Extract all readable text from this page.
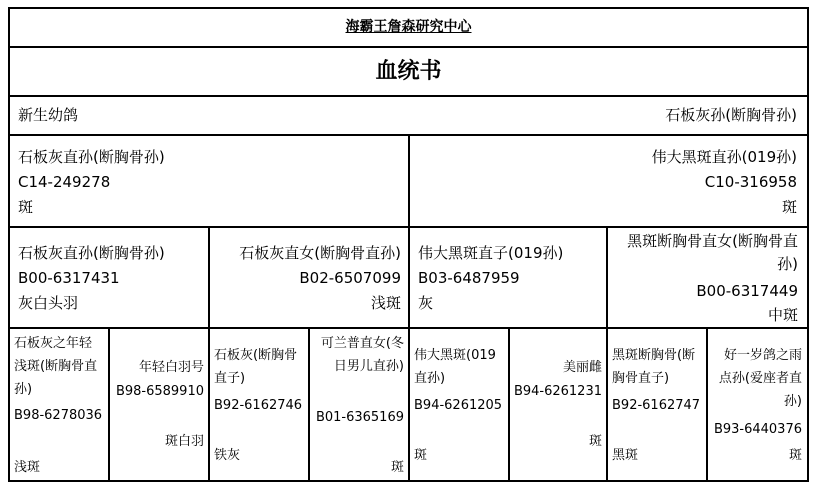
海霸王詹森研究中心
血统书
新生幼鸽	石板灰孙(断胸骨孙)
石板灰直孙(断胸骨孙)
C14-249278
斑
伟大黑斑直孙(019孙)
C10-316958
斑
石板灰直孙(断胸骨孙)
B00-6317431
灰白头羽
石板灰直女(断胸骨直孙)
B02-6507099
浅斑
伟大黑斑直子(019孙)
B03-6487959
灰
黑斑断胸骨直女(断胸骨直孙)
B00-6317449
中斑
石板灰之年轻浅斑(断胸骨直孙)
B98-6278036
浅斑
年轻白羽号
B98-6589910
斑白羽
石板灰(断胸骨直子)
B92-6162746
铁灰
可兰普直女(冬日男儿直孙)
B01-6365169
斑
伟大黑斑(019直孙)
B94-6261205
斑
美丽雌
B94-6261231
斑
黑斑断胸骨(断胸骨直子)
B92-6162747
黑斑
好一岁鸽之雨点孙(爱座者直孙)
B93-6440376
斑
